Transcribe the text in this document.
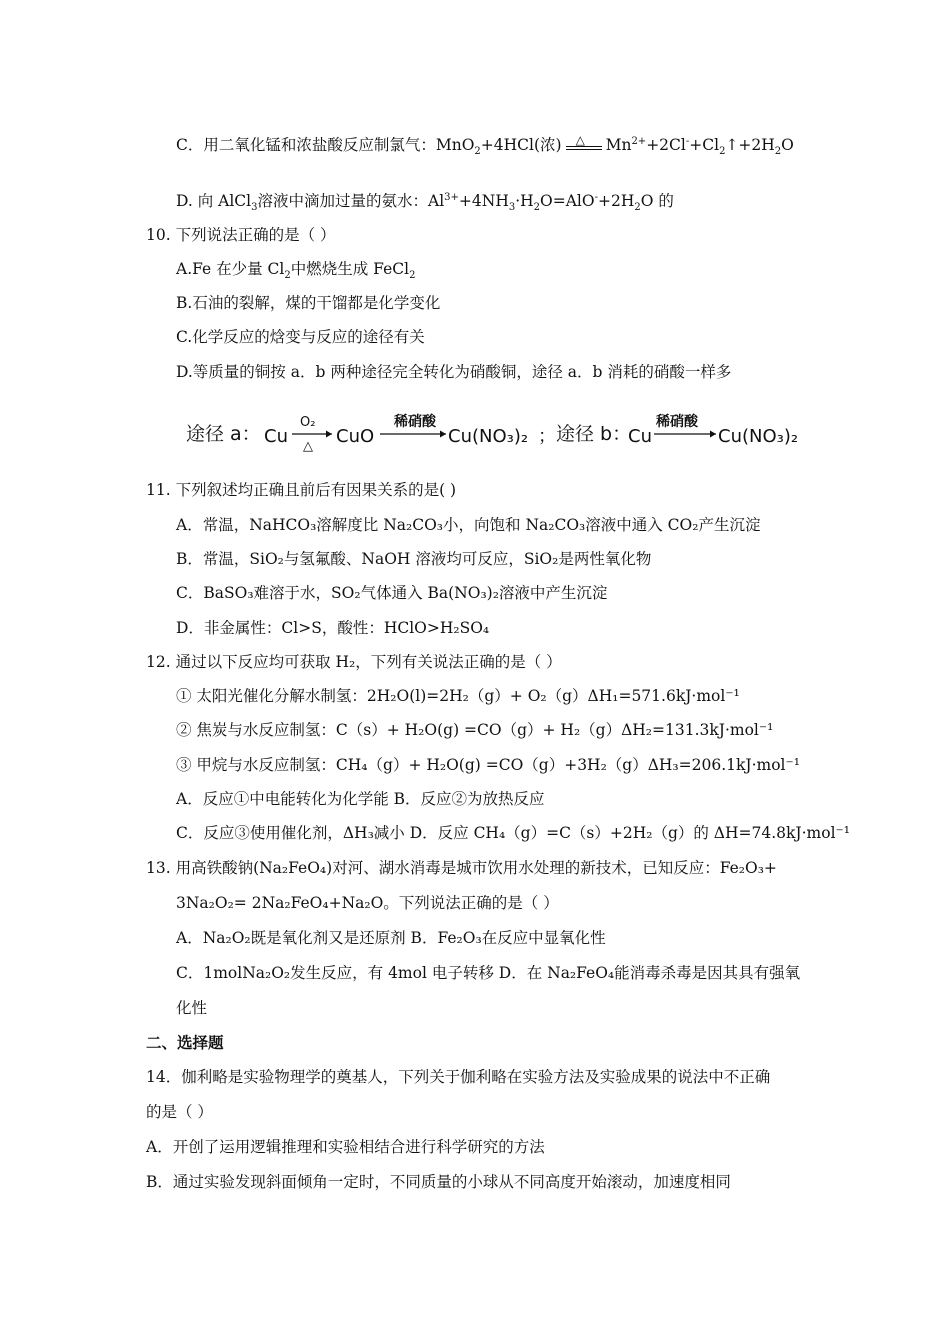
C．用二氧化锰和浓盐酸反应制氯气：MnO$_2$+4HCl(浓) △ $Mn^{2+}+2Cl^-+Cl_2↑+2H_2O$
D. 向 AlCl$_3$溶液中滴加过量的氨水：$Al^{3+}+4NH_3\cdot H_2O=AlO^-+2H_2O$ 的
10. 下列说法正确的是（ ）
A.Fe 在少量 $Cl_2$中燃烧生成 FeCl$_2$
B.石油的裂解，煤的干馏都是化学变化
C.化学反应的焓变与反应的途径有关
D.等质量的铜按 a．b 两种途径完全转化为硝酸铜，途径 a．b 消耗的硝酸一样多
途径 a： Cu
O₂
△ CuO
稀硝酸
Cu(NO₃)₂ ； 途径 b：
Cu
稀硝酸
Cu(NO₃)₂
11. 下列叙述均正确且前后有因果关系的是( )
A．常温，NaHCO₃溶解度比 Na₂CO₃小，向饱和 Na₂CO₃溶液中通入 CO₂产生沉淀
B．常温，SiO₂与氢氟酸、NaOH 溶液均可反应，SiO₂是两性氧化物
C．BaSO₃难溶于水，SO₂气体通入 Ba(NO₃)₂溶液中产生沉淀
D．非金属性：Cl>S，酸性：HClO>H₂SO₄
12. 通过以下反应均可获取 H₂，下列有关说法正确的是（ ）
① 太阳光催化分解水制氢：2H₂O(l)=2H₂（g）+ O₂（g）ΔH₁=571.6kJ·mol⁻¹
② 焦炭与水反应制氢：C（s）+ H₂O(g) =CO（g）+ H₂（g）ΔH₂=131.3kJ·mol⁻¹
③ 甲烷与水反应制氢：CH₄（g）+ H₂O(g) =CO（g）+3H₂（g）ΔH₃=206.1kJ·mol⁻¹
A．反应①中电能转化为化学能 B．反应②为放热反应
C．反应③使用催化剂，ΔH₃减小 D．反应 CH₄（g）=C（s）+2H₂（g）的 ΔH=74.8kJ·mol⁻¹
13. 用高铁酸钠(Na₂FeO₄)对河、湖水消毒是城市饮用水处理的新技术，已知反应：Fe₂O₃+
3Na₂O₂= 2Na₂FeO₄+Na₂O。下列说法正确的是（ ）
A．Na₂O₂既是氧化剂又是还原剂 B．Fe₂O₃在反应中显氧化性
C．1molNa₂O₂发生反应，有 4mol 电子转移 D．在 Na₂FeO₄能消毒杀毒是因其具有强氧
化性
二、选择题
14．伽利略是实验物理学的奠基人，下列关于伽利略在实验方法及实验成果的说法中不正确
的是（ ）
A．开创了运用逻辑推理和实验相结合进行科学研究的方法
B．通过实验发现斜面倾角一定时，不同质量的小球从不同高度开始滚动，加速度相同
